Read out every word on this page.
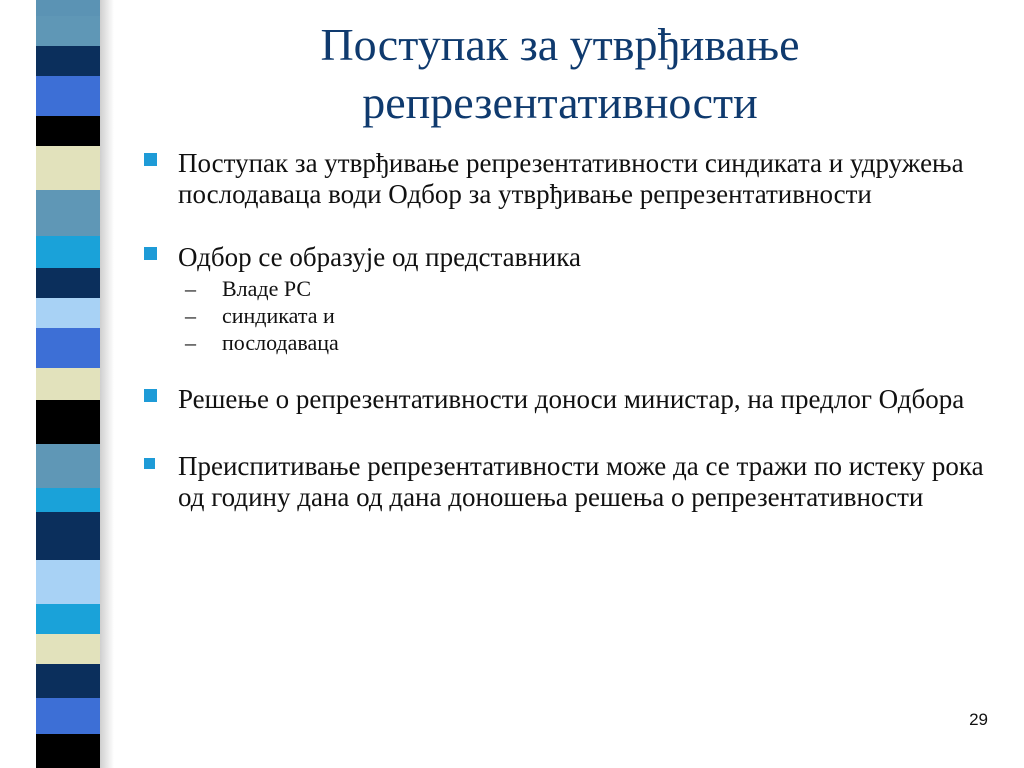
Поступак за утврђивање репрезентативности
Поступак за утврђивање репрезентативности синдиката и удружења послодаваца води Одбор за утврђивање репрезентативности
Одбор се образује од представника
– Владе РС
– синдиката и
– послодаваца
Решење о репрезентативности доноси министар, на предлог Одбора
Преиспитивање репрезентативности може да се тражи по истеку рока од годину дана од дана доношења решења о репрезентативности
29
